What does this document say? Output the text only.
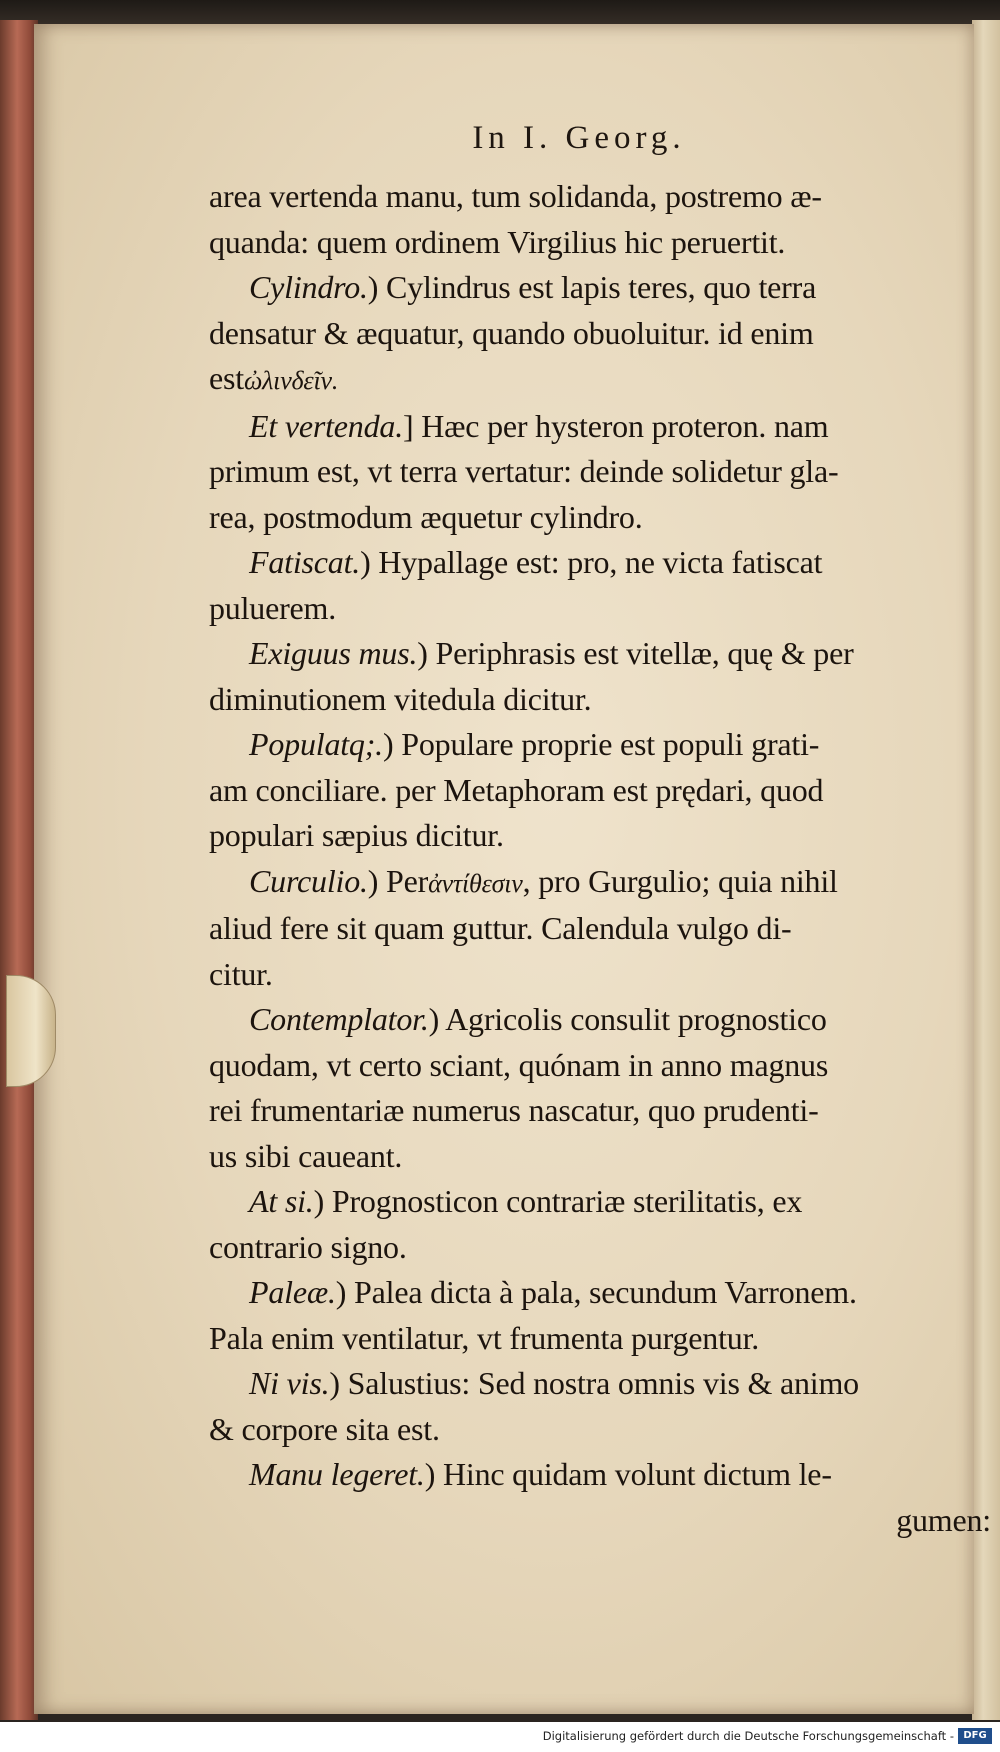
In I. Georg.
area vertenda manu, tum solidanda, postremo æ-
quanda: quem ordinem Virgilius hic peruertit.
Cylindro.) Cylindrus est lapis teres, quo terra
densatur & æquatur, quando obuoluitur. id enim
estὠλινδεῖν.
Et vertenda.] Hæc per hysteron proteron. nam
primum est, vt terra vertatur: deinde solidetur gla-
rea, postmodum æquetur cylindro.
Fatiscat.) Hypallage est: pro, ne victa fatiscat
puluerem.
Exiguus mus.) Periphrasis est vitellæ, quę & per
diminutionem vitedula dicitur.
Populatq;.) Populare proprie est populi grati-
am conciliare. per Metaphoram est prędari, quod
populari sæpius dicitur.
Curculio.) Perἀντίθεσιν, pro Gurgulio; quia nihil
aliud fere sit quam guttur. Calendula vulgo di-
citur.
Contemplator.) Agricolis consulit prognostico
quodam, vt certo sciant, quónam in anno magnus
rei frumentariæ numerus nascatur, quo prudenti-
us sibi caueant.
At si.) Prognosticon contrariæ sterilitatis, ex
contrario signo.
Paleæ.) Palea dicta à pala, secundum Varronem.
Pala enim ventilatur, vt frumenta purgentur.
Ni vis.) Salustius: Sed nostra omnis vis & animo
& corpore sita est.
Manu legeret.) Hinc quidam volunt dictum le-
gumen:
Digitalisierung gefördert durch die Deutsche Forschungsgemeinschaft - DFG
